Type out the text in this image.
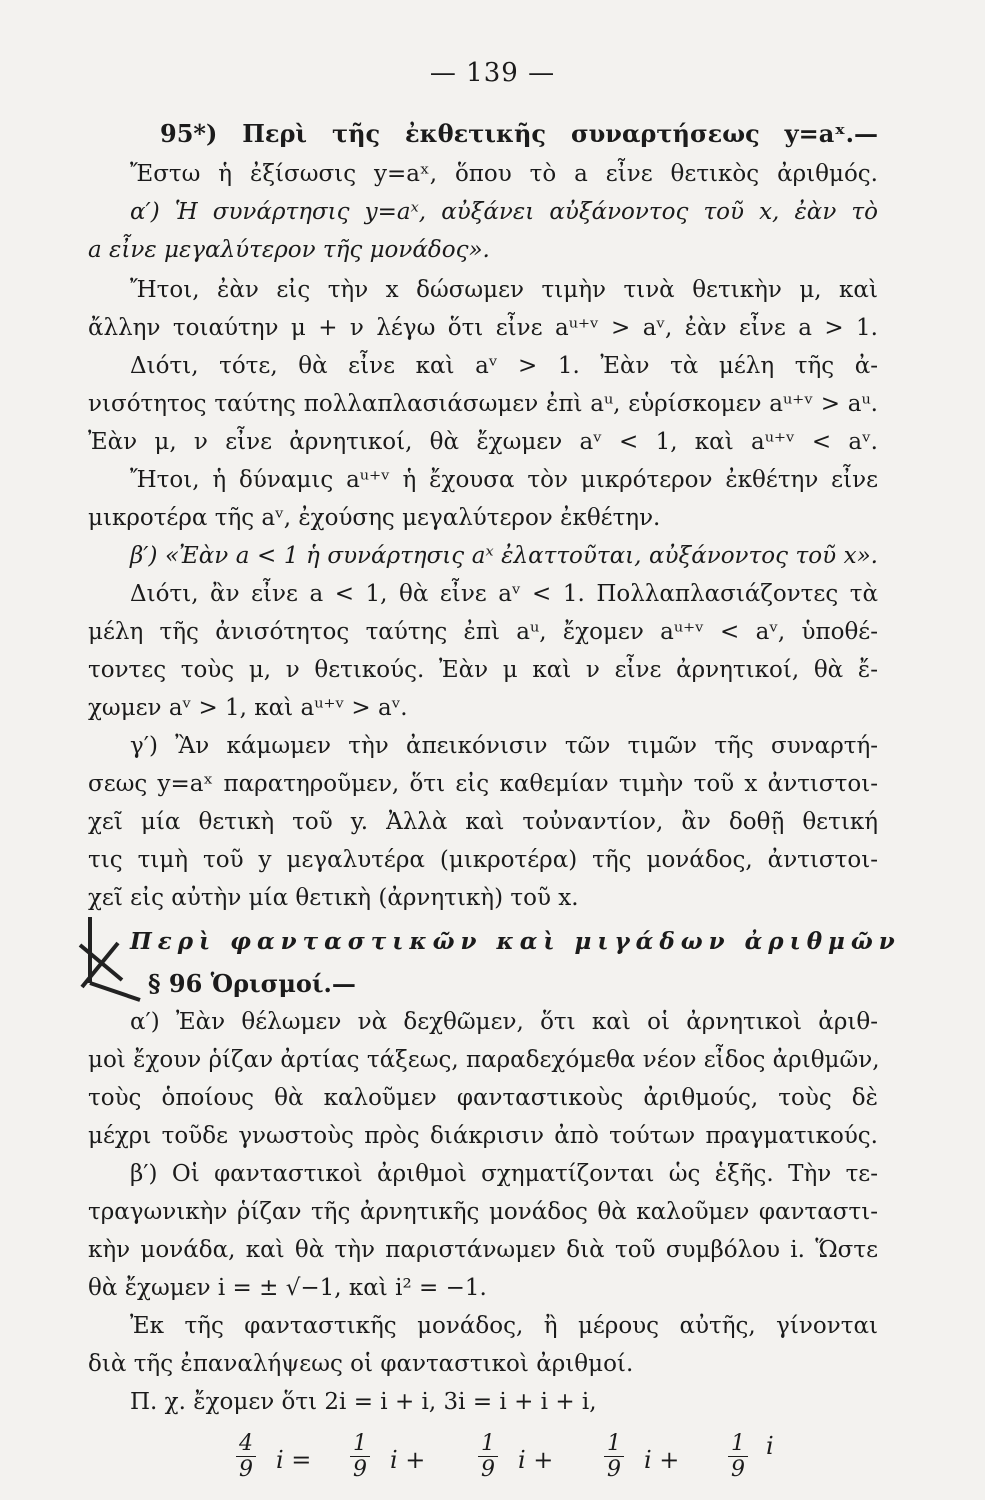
— 139 —
95*) Περὶ τῆς ἐκθετικῆς συναρτήσεως y=aˣ.—
Ἔστω ἡ ἐξίσωσις y=aˣ, ὅπου τὸ a εἶνε θετικὸς ἀριθμός.
α′) Ἡ συνάρτησις y=aˣ, αὐξάνει αὐξάνοντος τοῦ x, ἐὰν τὸ
a εἶνε μεγαλύτερον τῆς μονάδος».
Ἤτοι, ἐὰν εἰς τὴν x δώσωμεν τιμὴν τινὰ θετικὴν μ, καὶ
ἄλλην τοιαύτην μ + ν λέγω ὅτι εἶνε aᵘ⁺ᵛ > aᵛ, ἐὰν εἶνε a > 1.
Διότι, τότε, θὰ εἶνε καὶ aᵛ > 1. Ἐὰν τὰ μέλη τῆς ἀ-
νισότητος ταύτης πολλαπλασιάσωμεν ἐπὶ aᵘ, εὑρίσκομεν aᵘ⁺ᵛ > aᵘ.
Ἐὰν μ, ν εἶνε ἀρνητικοί, θὰ ἔχωμεν aᵛ < 1, καὶ aᵘ⁺ᵛ < aᵛ.
Ἤτοι, ἡ δύναμις aᵘ⁺ᵛ ἡ ἔχουσα τὸν μικρότερον ἐκθέτην εἶνε
μικροτέρα τῆς aᵛ, ἐχούσης μεγαλύτερον ἐκθέτην.
β′) «Ἐὰν a < 1 ἡ συνάρτησις aˣ ἐλαττοῦται, αὐξάνοντος τοῦ x».
Διότι, ἂν εἶνε a < 1, θὰ εἶνε aᵛ < 1. Πολλαπλασιάζοντες τὰ
μέλη τῆς ἀνισότητος ταύτης ἐπὶ aᵘ, ἔχομεν aᵘ⁺ᵛ < aᵛ, ὑποθέ-
τοντες τοὺς μ, ν θετικούς. Ἐὰν μ καὶ ν εἶνε ἀρνητικοί, θὰ ἔ-
χωμεν aᵛ > 1, καὶ aᵘ⁺ᵛ > aᵛ.
γ′) Ἂν κάμωμεν τὴν ἀπεικόνισιν τῶν τιμῶν τῆς συναρτή-
σεως y=aˣ παρατηροῦμεν, ὅτι εἰς καθεμίαν τιμὴν τοῦ x ἀντιστοι-
χεῖ μία θετικὴ τοῦ y. Ἀλλὰ καὶ τοὐναντίον, ἂν δοθῇ θετική
τις τιμὴ τοῦ y μεγαλυτέρα (μικροτέρα) τῆς μονάδος, ἀντιστοι-
χεῖ εἰς αὐτὴν μία θετικὴ (ἀρνητικὴ) τοῦ x.
Περὶ φανταστικῶν καὶ μιγάδων ἀριθμῶν
§ 96 Ὁρισμοί.—
α′) Ἐὰν θέλωμεν νὰ δεχθῶμεν, ὅτι καὶ οἱ ἀρνητικοὶ ἀριθ-
μοὶ ἔχουν ῥίζαν ἀρτίας τάξεως, παραδεχόμεθα νέον εἶδος ἀριθμῶν,
τοὺς ὁποίους θὰ καλοῦμεν φανταστικοὺς ἀριθμούς, τοὺς δὲ
μέχρι τοῦδε γνωστοὺς πρὸς διάκρισιν ἀπὸ τούτων πραγματικούς.
β′) Οἱ φανταστικοὶ ἀριθμοὶ σχηματίζονται ὡς ἑξῆς. Τὴν τε-
τραγωνικὴν ῥίζαν τῆς ἀρνητικῆς μονάδος θὰ καλοῦμεν φανταστι-
κὴν μονάδα, καὶ θὰ τὴν παριστάνωμεν διὰ τοῦ συμβόλου i. Ὥστε
θὰ ἔχωμεν i = ± √−1, καὶ i² = −1.
Ἐκ τῆς φανταστικῆς μονάδος, ἢ μέρους αὐτῆς, γίνονται
διὰ τῆς ἐπαναλήψεως οἱ φανταστικοὶ ἀριθμοί.
Π. χ. ἔχομεν ὅτι 2i = i + i, 3i = i + i + i,
$\frac{4}{9}$ $i = \frac{1}{9}$ $i + \frac{1}{9}$ $i + \frac{1}{9}$ $i + \frac{1}{9}$ i
